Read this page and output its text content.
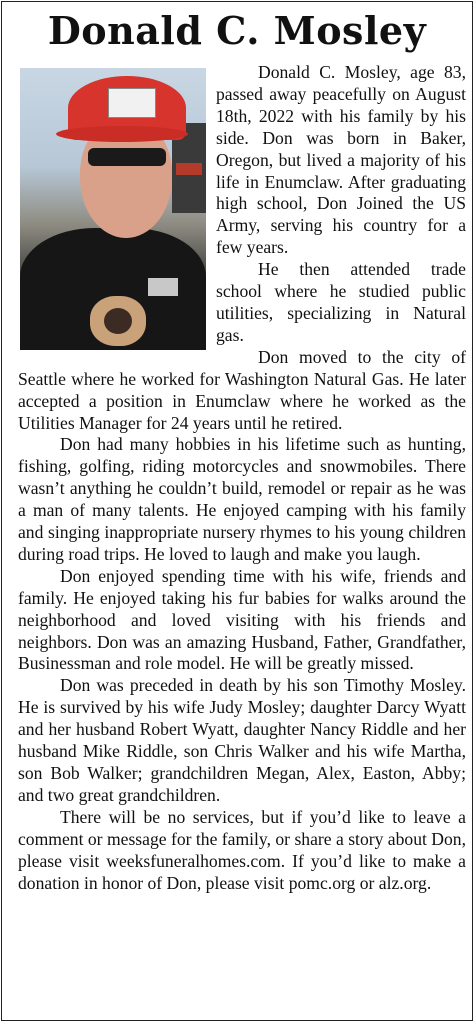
Donald C. Mosley

Donald C. Mosley, age 83, passed away peacefully on August 18th, 2022 with his family by his side. Don was born in Baker, Oregon, but lived a majority of his life in Enumclaw. After graduating high school, Don Joined the US Army, serving his country for a few years.

He then attended trade school where he studied public utilities, specializing in Natural gas.

Don moved to the city of Seattle where he worked for Washington Natural Gas. He later accepted a position in Enumclaw where he worked as the Utilities Manager for 24 years until he retired.

Don had many hobbies in his lifetime such as hunting, fishing, golfing, riding motorcycles and snowmobiles. There wasn’t anything he couldn’t build, remodel or repair as he was a man of many talents. He enjoyed camping with his family and singing inappropriate nursery rhymes to his young children during road trips. He loved to laugh and make you laugh.

Don enjoyed spending time with his wife, friends and family. He enjoyed taking his fur babies for walks around the neighborhood and loved visiting with his friends and neighbors. Don was an amazing Husband, Father, Grandfather, Businessman and role model. He will be greatly missed.

Don was preceded in death by his son Timothy Mosley. He is survived by his wife Judy Mosley; daughter Darcy Wyatt and her husband Robert Wyatt, daughter Nancy Riddle and her husband Mike Riddle, son Chris Walker and his wife Martha, son Bob Walker; grandchildren Megan, Alex, Easton, Abby; and two great grandchildren.

There will be no services, but if you’d like to leave a comment or message for the family, or share a story about Don, please visit weeksfuneralhomes.com. If you’d like to make a donation in honor of Don, please visit pomc.org or alz.org.
